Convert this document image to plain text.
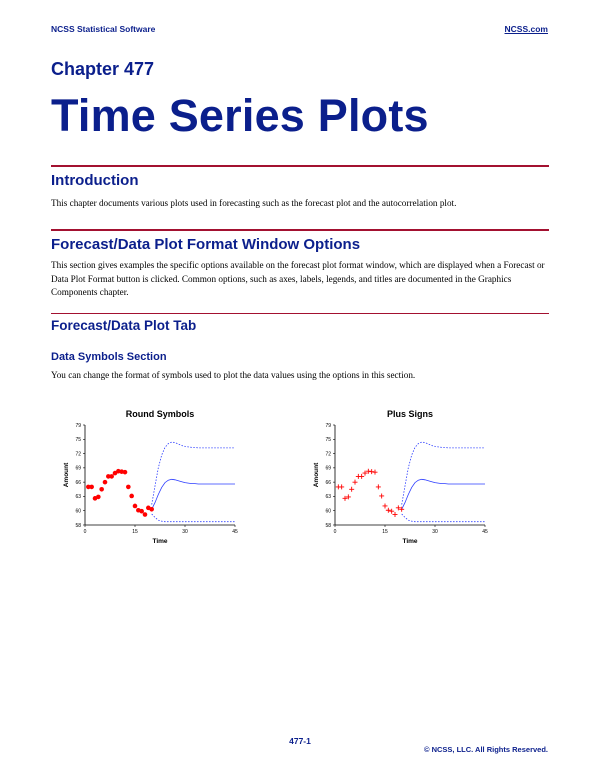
NCSS Statistical Software	NCSS.com
Chapter 477
Time Series Plots
Introduction
This chapter documents various plots used in forecasting such as the forecast plot and the autocorrelation plot.
Forecast/Data Plot Format Window Options
This section gives examples the specific options available on the forecast plot format window, which are displayed when a Forecast or Data Plot Format button is clicked. Common options, such as axes, labels, legends, and titles are documented in the Graphics Components chapter.
Forecast/Data Plot Tab
Data Symbols Section
You can change the format of symbols used to plot the data values using the options in this section.
Round Symbols
58
60
63
66
69
72
75
79
0	15	30	45
Time
Amount
Plus Signs
58
60
63
66
69
72
75
79
0	15	30	45
Time
Amount
477-1
© NCSS, LLC. All Rights Reserved.
